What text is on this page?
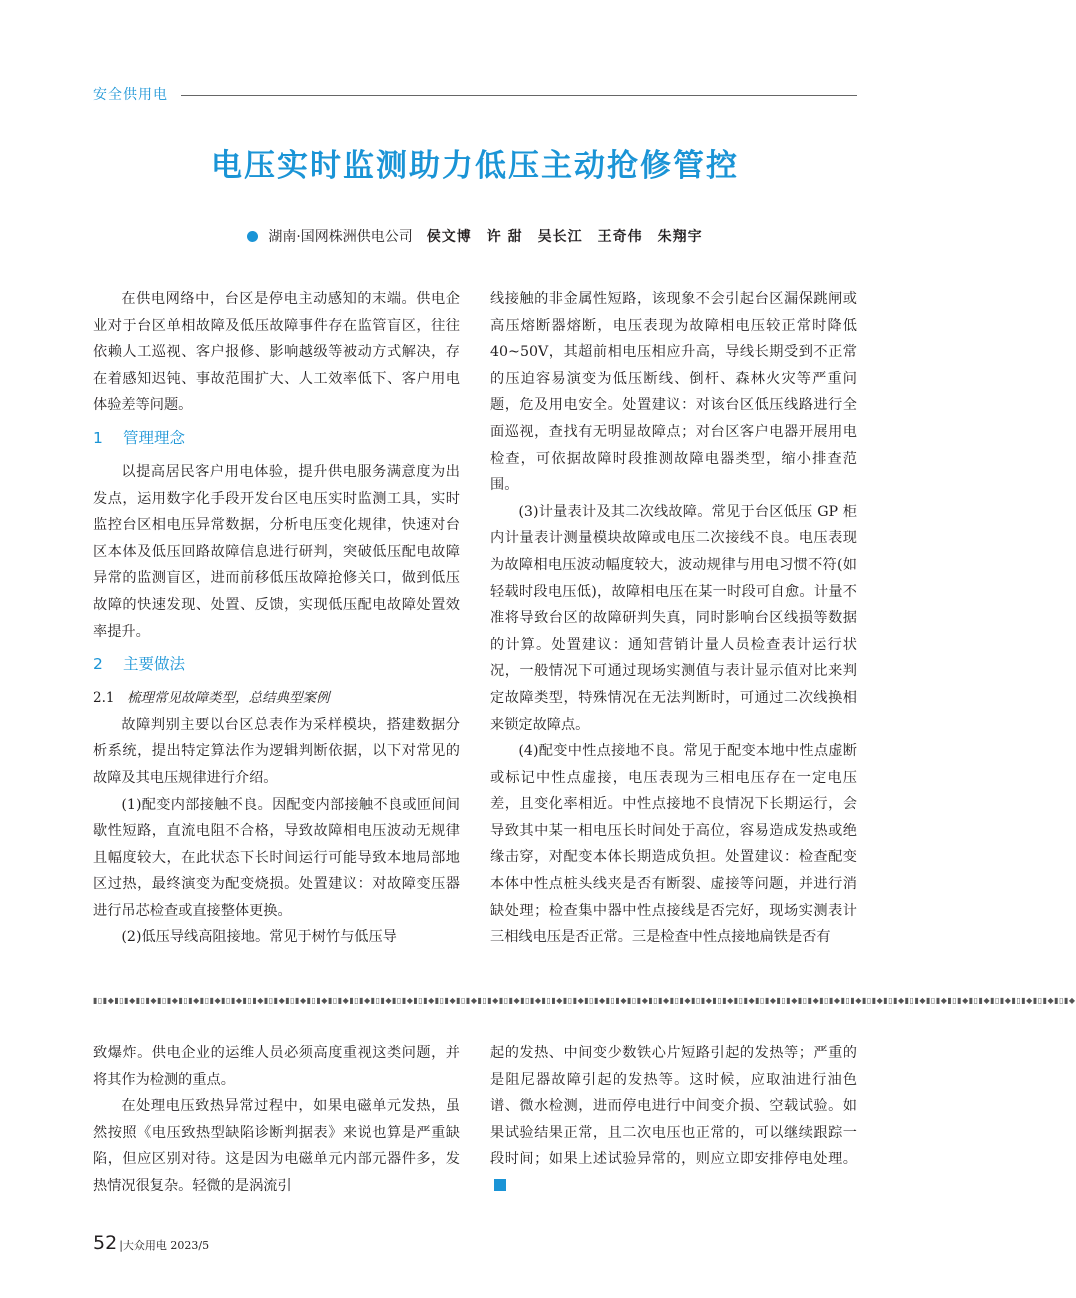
安全供用电
电压实时监测助力低压主动抢修管控
湖南·国网株洲供电公司 侯文博　许 甜　吴长江　王奇伟　朱翔宇

在供电网络中，台区是停电主动感知的末端。供电企业对于台区单相故障及低压故障事件存在监管盲区，往往依赖人工巡视、客户报修、影响越级等被动方式解决，存在着感知迟钝、事故范围扩大、人工效率低下、客户用电体验差等问题。

1 管理理念

以提高居民客户用电体验，提升供电服务满意度为出发点，运用数字化手段开发台区电压实时监测工具，实时监控台区相电压异常数据，分析电压变化规律，快速对台区本体及低压回路故障信息进行研判，突破低压配电故障异常的监测盲区，进而前移低压故障抢修关口，做到低压故障的快速发现、处置、反馈，实现低压配电故障处置效率提升。

2 主要做法
2.1 梳理常见故障类型，总结典型案例

故障判别主要以台区总表作为采样模块，搭建数据分析系统，提出特定算法作为逻辑判断依据，以下对常见的故障及其电压规律进行介绍。

(1)配变内部接触不良。因配变内部接触不良或匝间间歇性短路，直流电阻不合格，导致故障相电压波动无规律且幅度较大，在此状态下长时间运行可能导致本地局部地区过热，最终演变为配变烧损。处置建议：对故障变压器进行吊芯检查或直接整体更换。

(2)低压导线高阻接地。常见于树竹与低压导

线接触的非金属性短路，该现象不会引起台区漏保跳闸或高压熔断器熔断，电压表现为故障相电压较正常时降低 40~50V，其超前相电压相应升高，导线长期受到不正常的压迫容易演变为低压断线、倒杆、森林火灾等严重问题，危及用电安全。处置建议：对该台区低压线路进行全面巡视，查找有无明显故障点；对台区客户电器开展用电检查，可依据故障时段推测故障电器类型，缩小排查范围。

(3)计量表计及其二次线故障。常见于台区低压 GP 柜内计量表计测量模块故障或电压二次接线不良。电压表现为故障相电压波动幅度较大，波动规律与用电习惯不符(如轻载时段电压低)，故障相电压在某一时段可自愈。计量不准将导致台区的故障研判失真，同时影响台区线损等数据的计算。处置建议：通知营销计量人员检查表计运行状况，一般情况下可通过现场实测值与表计显示值对比来判定故障类型，特殊情况在无法判断时，可通过二次线换相来锁定故障点。

(4)配变中性点接地不良。常见于配变本地中性点虚断或标记中性点虚接，电压表现为三相电压存在一定电压差，且变化率相近。中性点接地不良情况下长期运行，会导致其中某一相电压长时间处于高位，容易造成发热或绝缘击穿，对配变本体长期造成负担。处置建议：检查配变本体中性点桩头线夹是否有断裂、虚接等问题，并进行消缺处理；检查集中器中性点接线是否完好，现场实测表计三相线电压是否正常。三是检查中性点接地扁铁是否有

▮▯▮◆▮▯▮◆▮▯▮◆▮▯▮◆▮▯▮◆▮▯▮◆▮▯▮◆▮▯▮◆▮▯▮◆▮▯▮◆▮▯▮◆▮▯▮◆▮▯▮◆▮▯▮◆▮▯▮◆▮▯▮◆▮▯▮◆▮▯▮◆▮▯▮◆▮▯▮◆▮▯▮◆▮▯▮◆▮▯▮◆▮▯▮◆▮▯▮◆▮▯▮◆▮▯▮◆▮▯▮◆▮▯▮◆▮▯▮◆▮▯▮◆▮▯▮◆▮▯▮◆▮▯▮◆▮▯▮◆▮▯▮◆▮▯▮◆▮▯▮◆▮▯▮◆▮▯▮◆▮▯▮◆▮▯▮◆▮▯▮◆▮▯▮◆▮▯▮◆▮▯▮◆

致爆炸。供电企业的运维人员必须高度重视这类问题，并将其作为检测的重点。

在处理电压致热异常过程中，如果电磁单元发热，虽然按照《电压致热型缺陷诊断判据表》来说也算是严重缺陷，但应区别对待。这是因为电磁单元内部元器件多，发热情况很复杂。轻微的是涡流引

起的发热、中间变少数铁心片短路引起的发热等；严重的是阻尼器故障引起的发热等。这时候，应取油进行油色谱、微水检测，进而停电进行中间变介损、空载试验。如果试验结果正常，且二次电压也正常的，可以继续跟踪一段时间；如果上述试验异常的，则应立即安排停电处理。

52 |大众用电 2023/5
